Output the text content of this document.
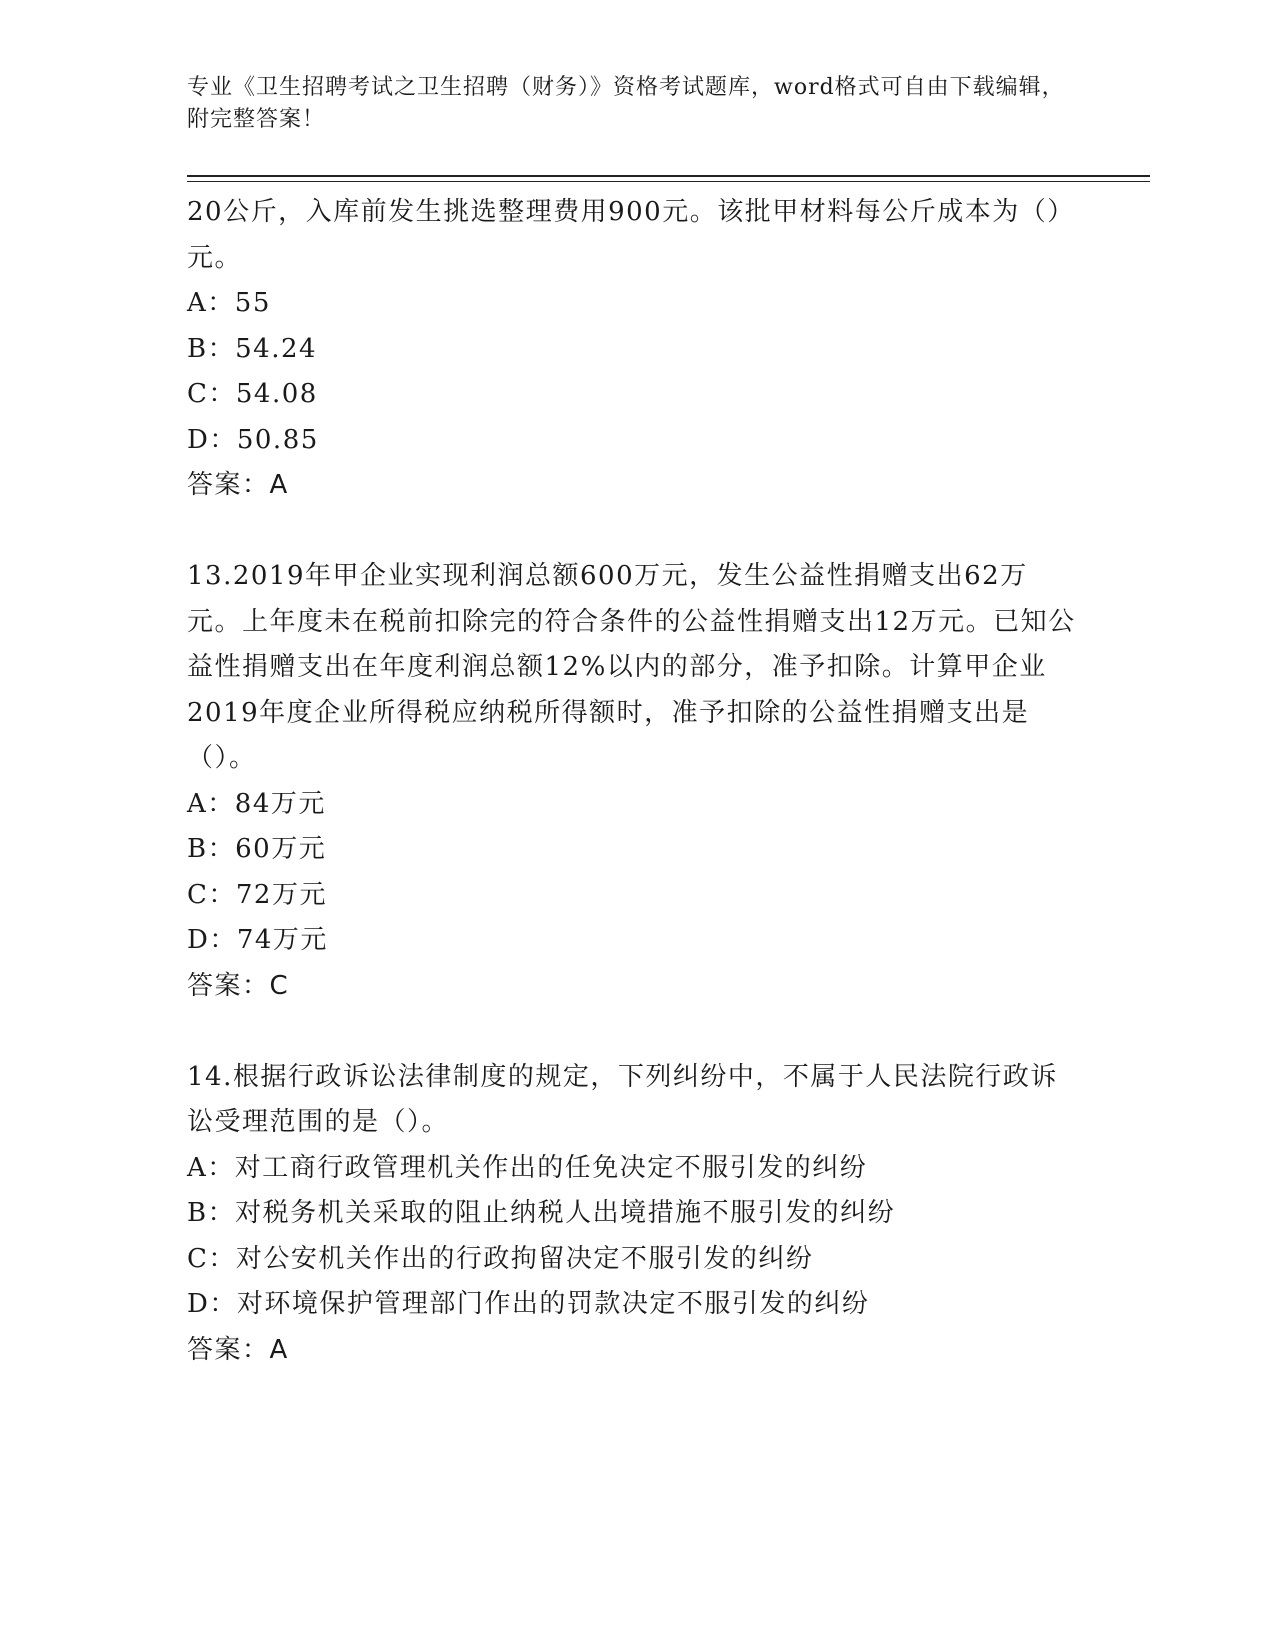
专业《卫生招聘考试之卫生招聘（财务）》资格考试题库，word格式可自由下载编辑，附完整答案！

20公斤，入库前发生挑选整理费用900元。该批甲材料每公斤成本为（）元。

A：55

B：54.24

C：54.08

D：50.85

答案：A

13.2019年甲企业实现利润总额600万元，发生公益性捐赠支出62万元。上年度未在税前扣除完的符合条件的公益性捐赠支出12万元。已知公益性捐赠支出在年度利润总额12%以内的部分，准予扣除。计算甲企业2019年度企业所得税应纳税所得额时，准予扣除的公益性捐赠支出是（）。

A：84万元

B：60万元

C：72万元

D：74万元

答案：C

14.根据行政诉讼法律制度的规定，下列纠纷中，不属于人民法院行政诉讼受理范围的是（）。

A：对工商行政管理机关作出的任免决定不服引发的纠纷

B：对税务机关采取的阻止纳税人出境措施不服引发的纠纷

C：对公安机关作出的行政拘留决定不服引发的纠纷

D：对环境保护管理部门作出的罚款决定不服引发的纠纷

答案：A
